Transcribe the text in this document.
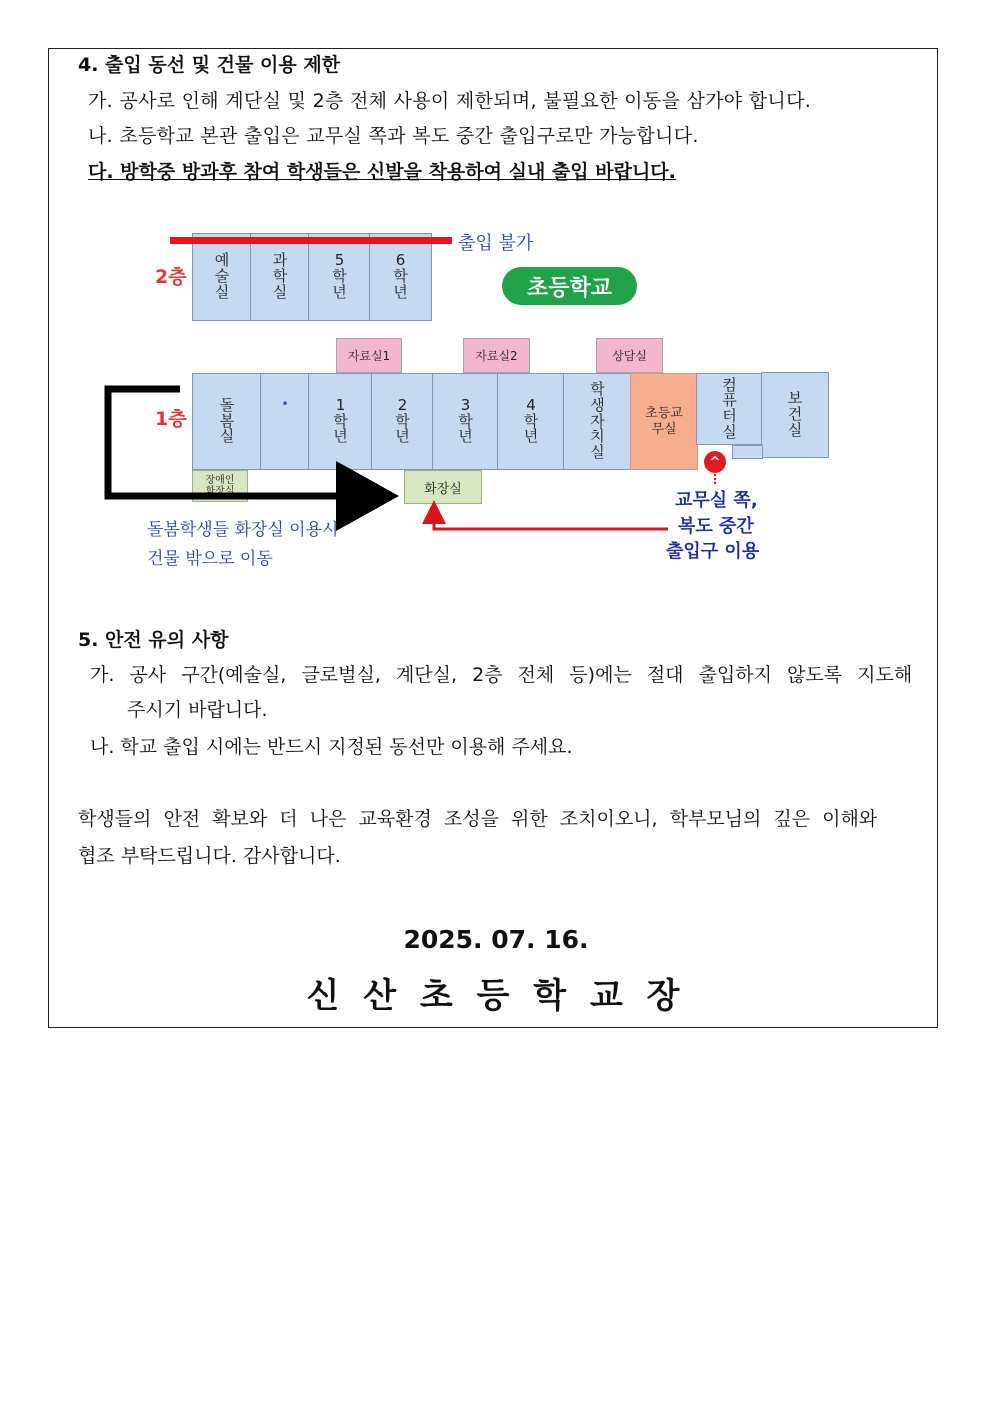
4. 출입 동선 및 건물 이용 제한
가. 공사로 인해 계단실 및 2층 전체 사용이 제한되며, 불필요한 이동을 삼가야 합니다.
나. 초등학교 본관 출입은 교무실 쪽과 복도 중간 출입구로만 가능합니다.
다. 방학중 방과후 참여 학생들은 신발을 착용하여 실내 출입 바랍니다.
2층
1층
예
술
실
과
학
실
5
학
년
6
학
년
출입 불가
초등학교
자료실1	자료실2	상담실
돌
봄
실
•	1
학
년
2
학
년
3
학
년
4
학
년
학
생
자
치
실
초등교무실
컴
퓨
터
실
보
건
실
장애인화장실	화장실
^
돌봄학생들 화장실 이용시
건물 밖으로 이동
교무실 쪽,
복도 중간
출입구 이용
5. 안전 유의 사항
가. 공사 구간(예술실, 글로벌실, 계단실, 2층 전체 등)에는 절대 출입하지 않도록 지도해
주시기 바랍니다.
나. 학교 출입 시에는 반드시 지정된 동선만 이용해 주세요.
학생들의 안전 확보와 더 나은 교육환경 조성을 위한 조치이오니, 학부모님의 깊은 이해와
협조 부탁드립니다. 감사합니다.
2025. 07. 16.
신 산 초 등 학 교 장
